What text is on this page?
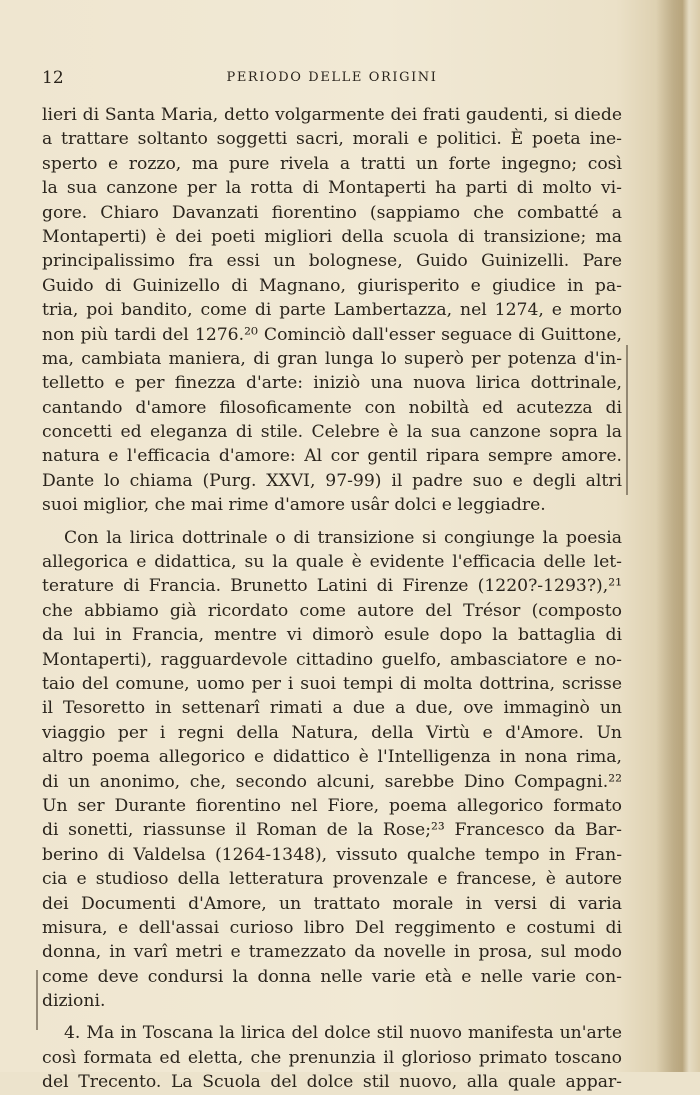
12	PERIODO DELLE ORIGINI
lieri di Santa Maria, detto volgarmente dei frati gaudenti, si diede
a trattare soltanto soggetti sacri, morali e politici. È poeta ine-
sperto e rozzo, ma pure rivela a tratti un forte ingegno; così
la sua canzone per la rotta di Montaperti ha parti di molto vi-
gore. Chiaro Davanzati fiorentino (sappiamo che combatté a
Montaperti) è dei poeti migliori della scuola di transizione; ma
principalissimo fra essi un bolognese, Guido Guinizelli. Pare
Guido di Guinizello di Magnano, giurisperito e giudice in pa-
tria, poi bandito, come di parte Lambertazza, nel 1274, e morto
non più tardi del 1276.²⁰ Cominciò dall'esser seguace di Guittone,
ma, cambiata maniera, di gran lunga lo superò per potenza d'in-
telletto e per finezza d'arte: iniziò una nuova lirica dottrinale,
cantando d'amore filosoficamente con nobiltà ed acutezza di
concetti ed eleganza di stile. Celebre è la sua canzone sopra la
natura e l'efficacia d'amore: Al cor gentil ripara sempre amore.
Dante lo chiama (Purg. XXVI, 97-99) il padre suo e degli altri
suoi miglior, che mai rime d'amore usâr dolci e leggiadre.
Con la lirica dottrinale o di transizione si congiunge la poesia
allegorica e didattica, su la quale è evidente l'efficacia delle let-
terature di Francia. Brunetto Latini di Firenze (1220?-1293?),²¹
che abbiamo già ricordato come autore del Trésor (composto
da lui in Francia, mentre vi dimorò esule dopo la battaglia di
Montaperti), ragguardevole cittadino guelfo, ambasciatore e no-
taio del comune, uomo per i suoi tempi di molta dottrina, scrisse
il Tesoretto in settenarî rimati a due a due, ove immaginò un
viaggio per i regni della Natura, della Virtù e d'Amore. Un
altro poema allegorico e didattico è l'Intelligenza in nona rima,
di un anonimo, che, secondo alcuni, sarebbe Dino Compagni.²²
Un ser Durante fiorentino nel Fiore, poema allegorico formato
di sonetti, riassunse il Roman de la Rose;²³ Francesco da Bar-
berino di Valdelsa (1264-1348), vissuto qualche tempo in Fran-
cia e studioso della letteratura provenzale e francese, è autore
dei Documenti d'Amore, un trattato morale in versi di varia
misura, e dell'assai curioso libro Del reggimento e costumi di
donna, in varî metri e tramezzato da novelle in prosa, sul modo
come deve condursi la donna nelle varie età e nelle varie con-
dizioni.
4. Ma in Toscana la lirica del dolce stil nuovo manifesta un'arte
così formata ed eletta, che prenunzia il glorioso primato toscano
del Trecento. La Scuola del dolce stil nuovo, alla quale appar-
